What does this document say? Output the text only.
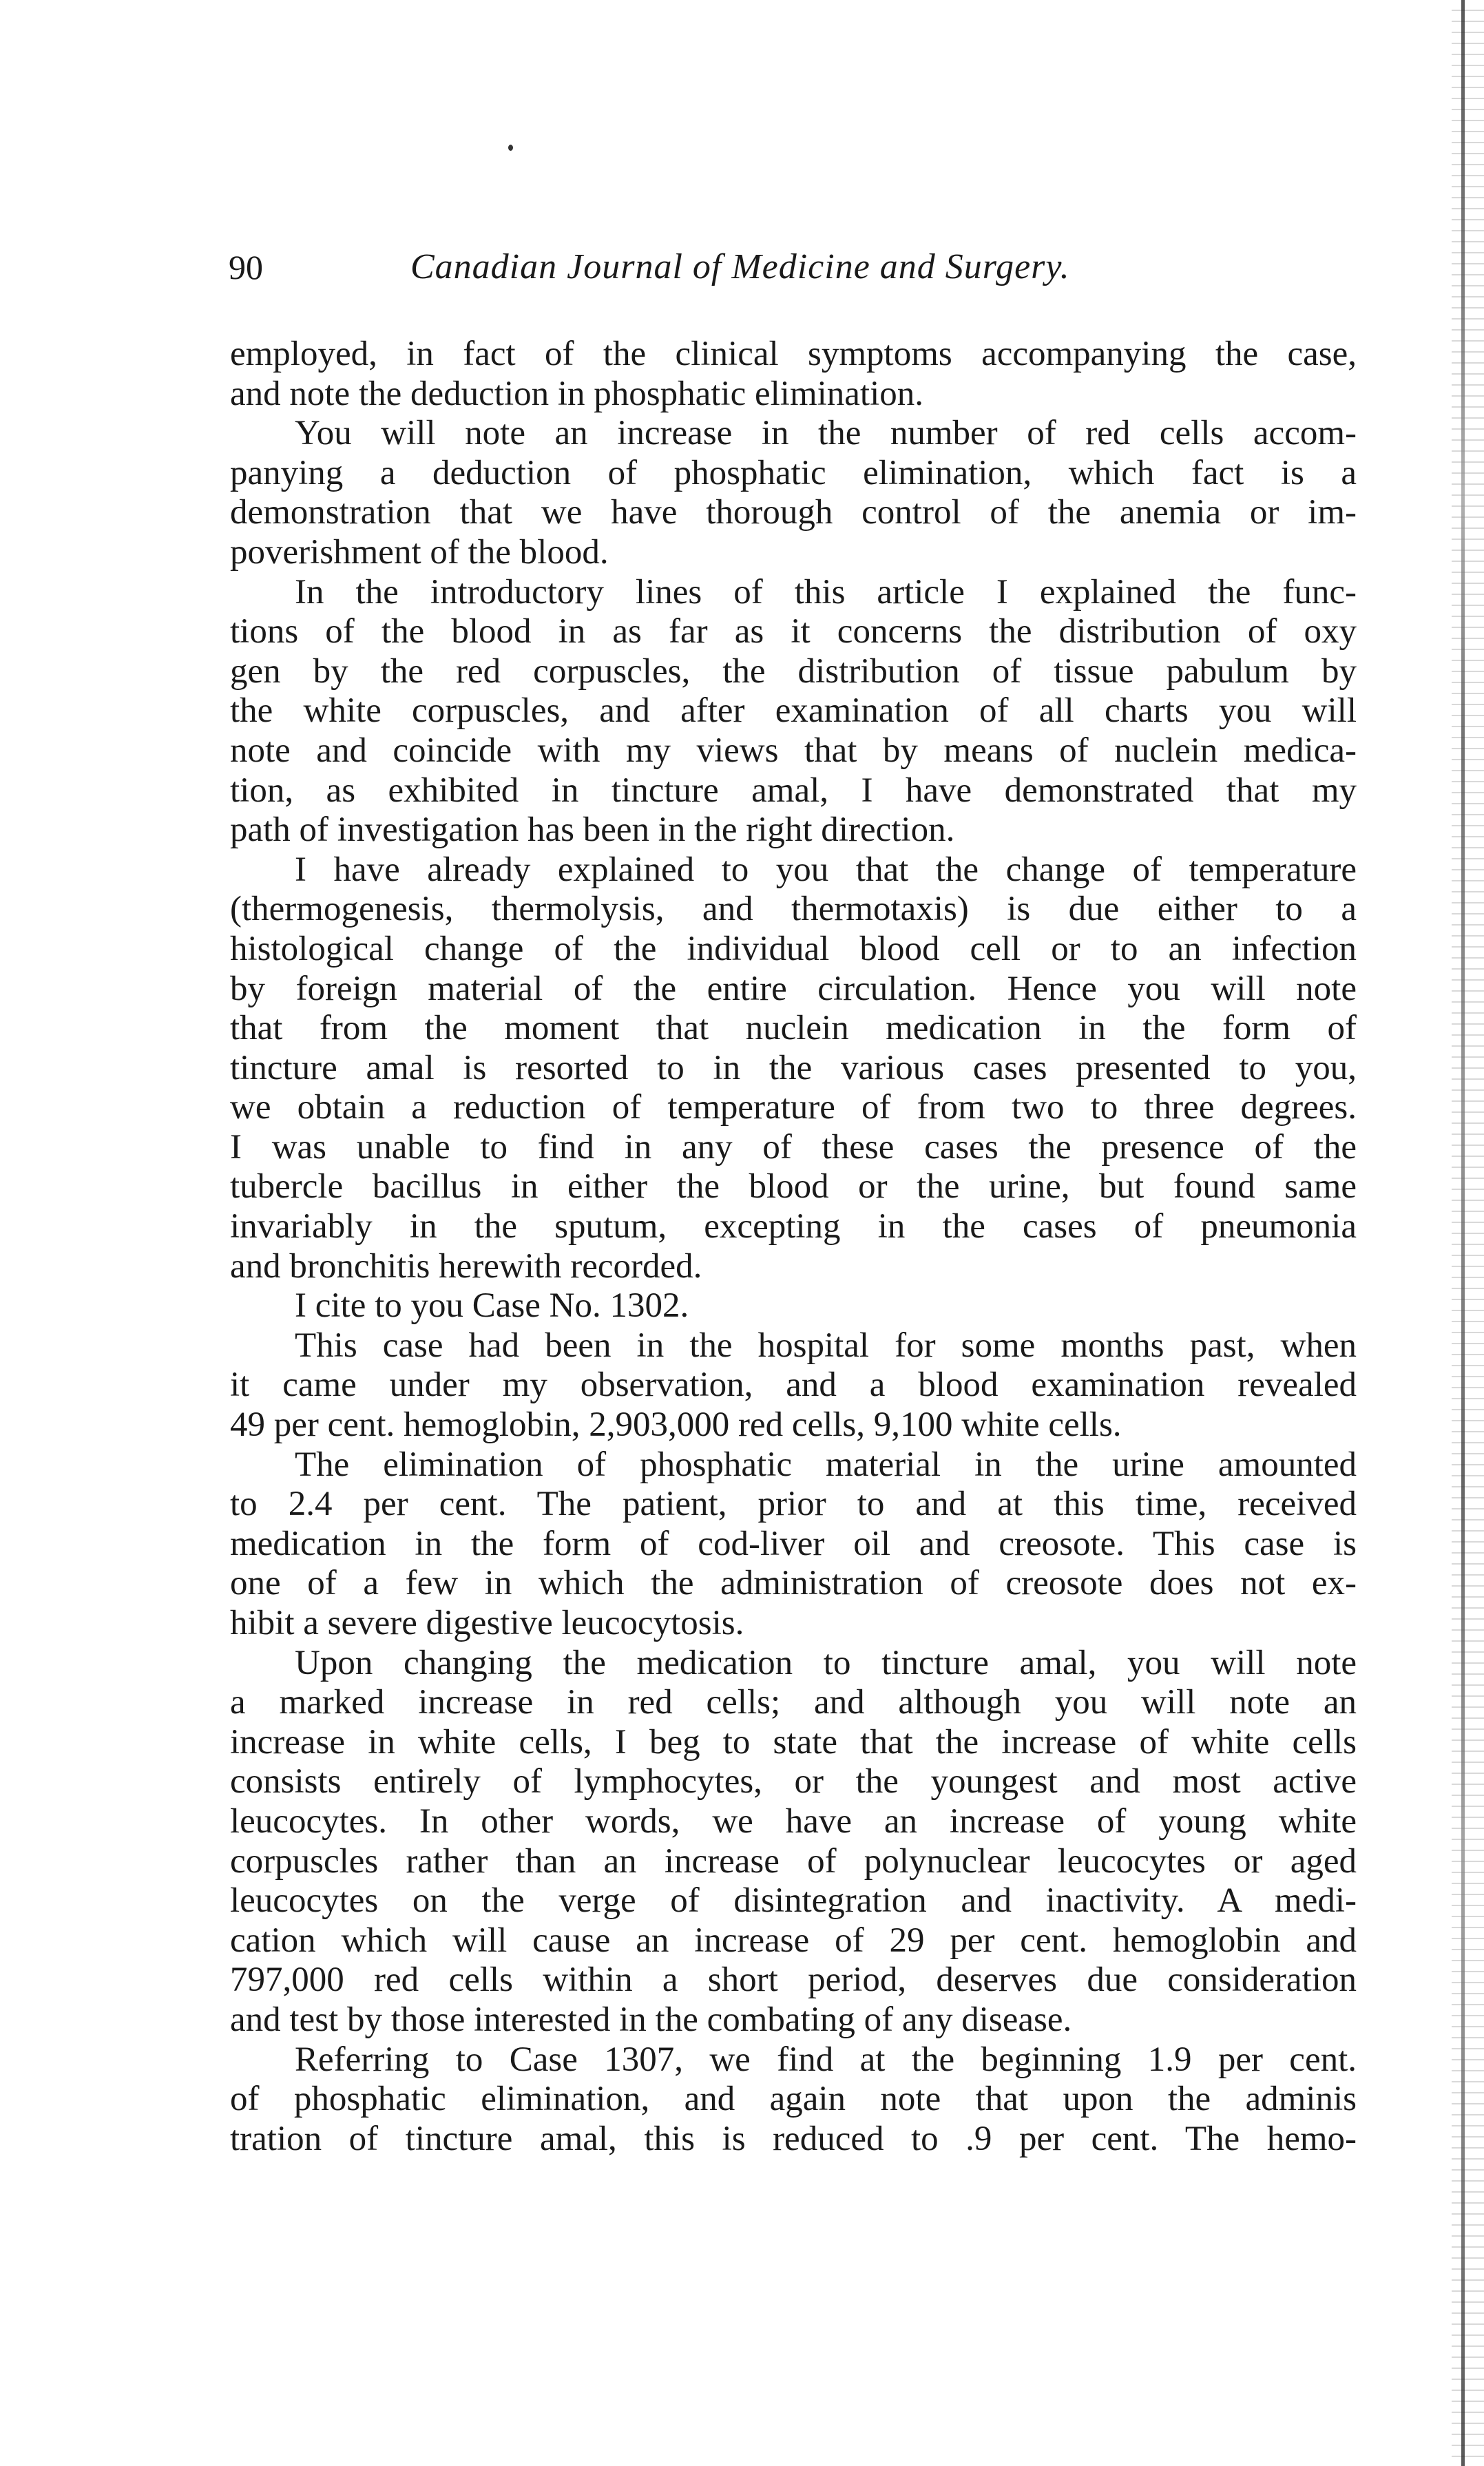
90	Canadian Journal of Medicine and Surgery.
employed, in fact of the clinical symptoms accompanying the case,
and note the deduction in phosphatic elimination.
You will note an increase in the number of red cells accom-
panying a deduction of phosphatic elimination, which fact is a
demonstration that we have thorough control of the anemia or im-
poverishment of the blood.
In the introductory lines of this article I explained the func-
tions of the blood in as far as it concerns the distribution of oxy
gen by the red corpuscles, the distribution of tissue pabulum by
the white corpuscles, and after examination of all charts you will
note and coincide with my views that by means of nuclein medica-
tion, as exhibited in tincture amal, I have demonstrated that my
path of investigation has been in the right direction.
I have already explained to you that the change of temperature
(thermogenesis, thermolysis, and thermotaxis) is due either to a
histological change of the individual blood cell or to an infection
by foreign material of the entire circulation. Hence you will note
that from the moment that nuclein medication in the form of
tincture amal is resorted to in the various cases presented to you,
we obtain a reduction of temperature of from two to three degrees.
I was unable to find in any of these cases the presence of the
tubercle bacillus in either the blood or the urine, but found same
invariably in the sputum, excepting in the cases of pneumonia
and bronchitis herewith recorded.
I cite to you Case No. 1302.
This case had been in the hospital for some months past, when
it came under my observation, and a blood examination revealed
49 per cent. hemoglobin, 2,903,000 red cells, 9,100 white cells.
The elimination of phosphatic material in the urine amounted
to 2.4 per cent. The patient, prior to and at this time, received
medication in the form of cod-liver oil and creosote. This case is
one of a few in which the administration of creosote does not ex-
hibit a severe digestive leucocytosis.
Upon changing the medication to tincture amal, you will note
a marked increase in red cells; and although you will note an
increase in white cells, I beg to state that the increase of white cells
consists entirely of lymphocytes, or the youngest and most active
leucocytes. In other words, we have an increase of young white
corpuscles rather than an increase of polynuclear leucocytes or aged
leucocytes on the verge of disintegration and inactivity. A medi-
cation which will cause an increase of 29 per cent. hemoglobin and
797,000 red cells within a short period, deserves due consideration
and test by those interested in the combating of any disease.
Referring to Case 1307, we find at the beginning 1.9 per cent.
of phosphatic elimination, and again note that upon the adminis
tration of tincture amal, this is reduced to .9 per cent. The hemo-
